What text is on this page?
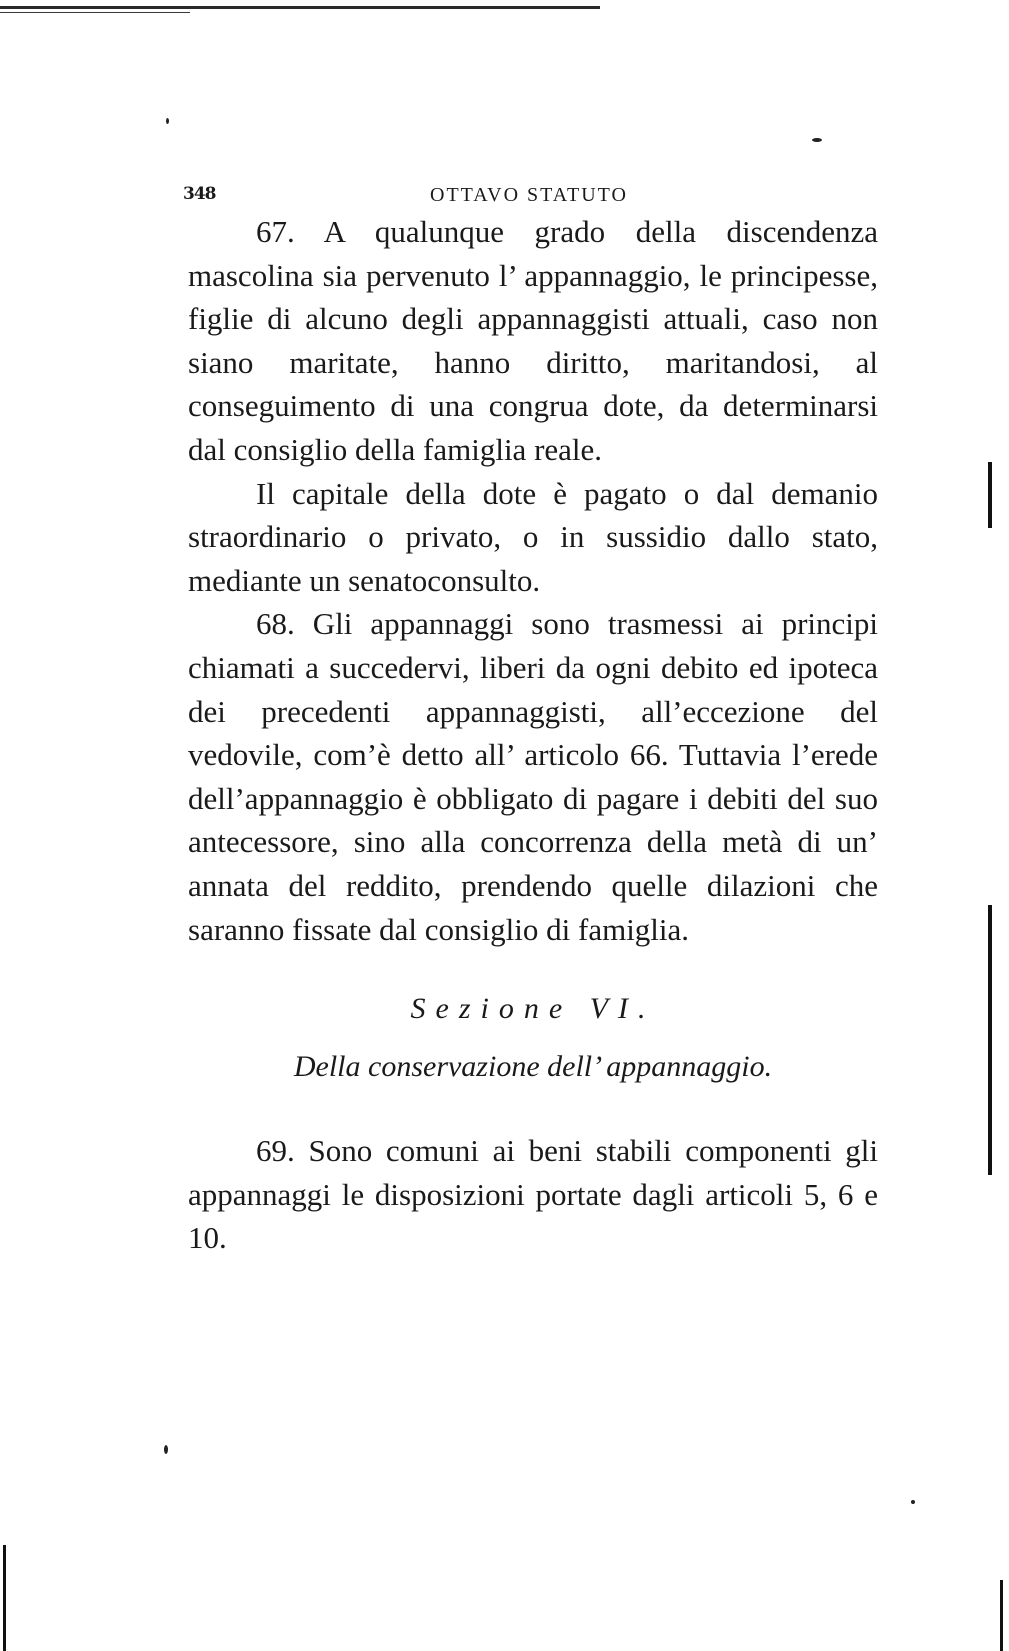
348	OTTAVO STATUTO

67. A qualunque grado della discendenza mascolina sia pervenuto l’ appannaggio, le principesse, figlie di alcuno degli appannaggisti attuali, caso non siano maritate, hanno diritto, maritandosi, al conseguimento di una congrua dote, da determinarsi dal consiglio della famiglia reale.

Il capitale della dote è pagato o dal demanio straordinario o privato, o in sussidio dallo stato, mediante un senatoconsulto.

68. Gli appannaggi sono trasmessi ai principi chiamati a succedervi, liberi da ogni debito ed ipoteca dei precedenti appannaggisti, all’eccezione del vedovile, com’è detto all’ articolo 66. Tuttavia l’erede dell’appannaggio è obbligato di pagare i debiti del suo antecessore, sino alla concorrenza della metà di un’ annata del reddito, prendendo quelle dilazioni che saranno fissate dal consiglio di famiglia.

Sezione VI.
Della conservazione dell’ appannaggio.

69. Sono comuni ai beni stabili componenti gli appannaggi le disposizioni portate dagli articoli 5, 6 e 10.
